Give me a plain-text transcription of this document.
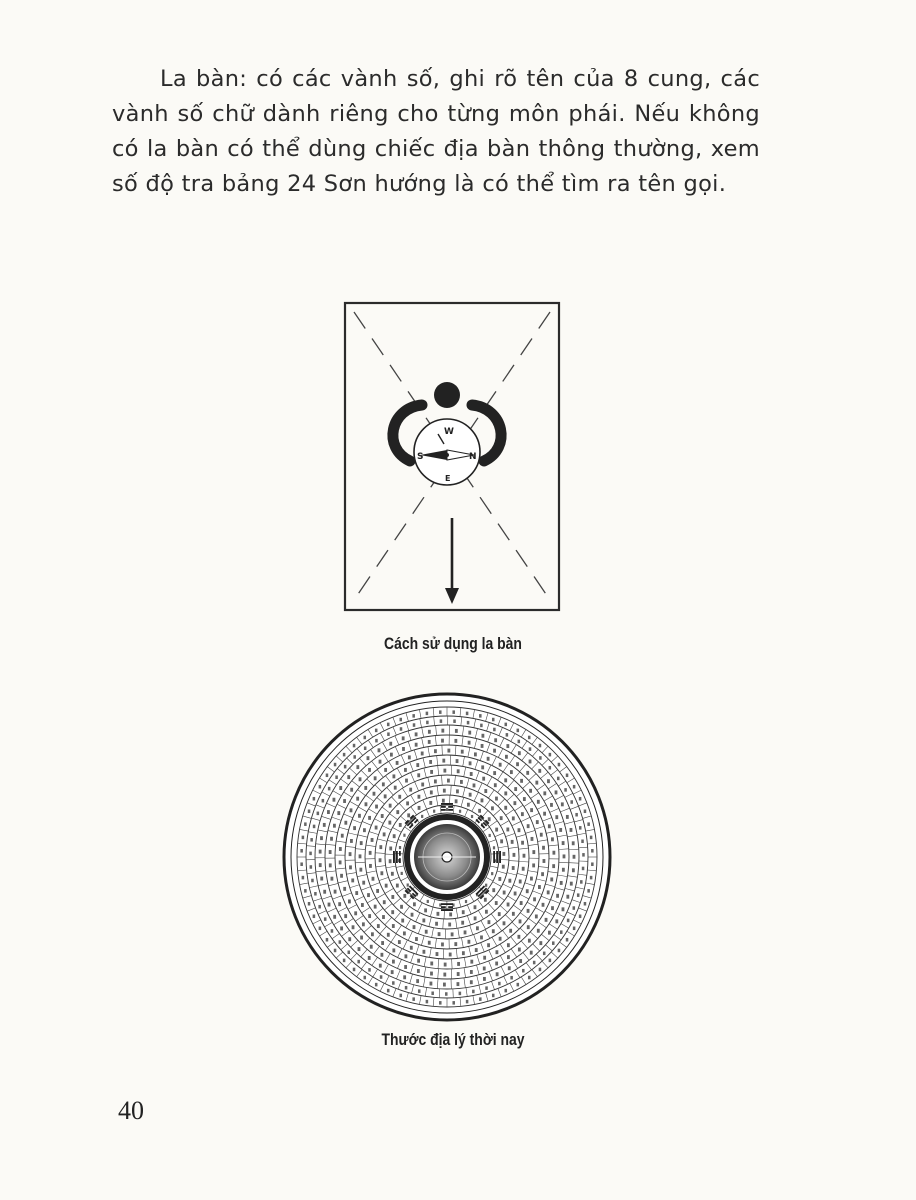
La bàn: có các vành số, ghi rõ tên của 8 cung, các vành số chữ dành riêng cho từng môn phái. Nếu không có la bàn có thể dùng chiếc địa bàn thông thường, xem số độ tra bảng 24 Sơn hướng là có thể tìm ra tên gọi.

W
S	N
E
Cách sử dụng la bàn
Thước địa lý thời nay
40
